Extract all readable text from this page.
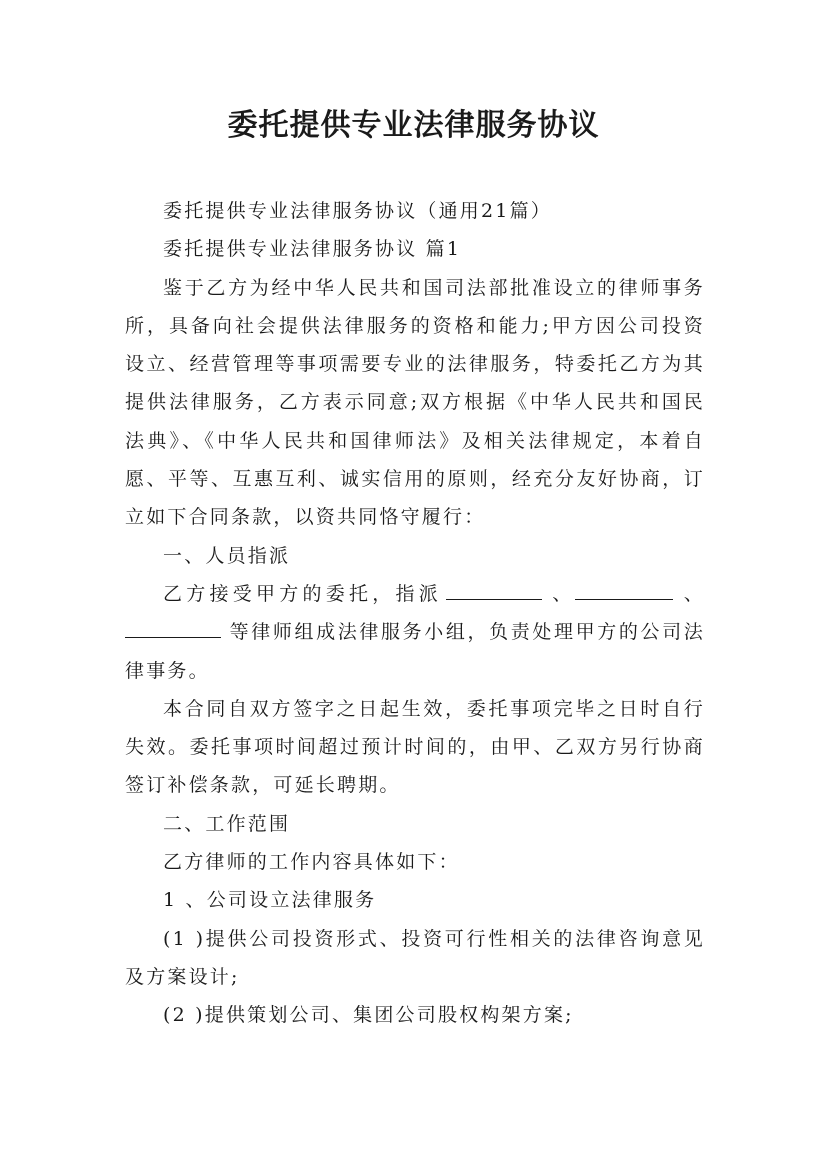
委托提供专业法律服务协议

委托提供专业法律服务协议（通用21篇）

委托提供专业法律服务协议 篇1

鉴于乙方为经中华人民共和国司法部批准设立的律师事务所，具备向社会提供法律服务的资格和能力;甲方因公司投资设立、经营管理等事项需要专业的法律服务，特委托乙方为其提供法律服务，乙方表示同意;双方根据《中华人民共和国民法典》、《中华人民共和国律师法》及相关法律规定，本着自愿、平等、互惠互利、诚实信用的原则，经充分友好协商，订立如下合同条款，以资共同恪守履行：

一、人员指派

乙方接受甲方的委托，指派	、	、 等律师组成法律服务小组，负责处理甲方的公司法律事务。

本合同自双方签字之日起生效，委托事项完毕之日时自行失效。委托事项时间超过预计时间的，由甲、乙双方另行协商签订补偿条款，可延长聘期。

二、工作范围

乙方律师的工作内容具体如下：

1 、公司设立法律服务

(1 )提供公司投资形式、投资可行性相关的法律咨询意见及方案设计;

(2 )提供策划公司、集团公司股权构架方案;
